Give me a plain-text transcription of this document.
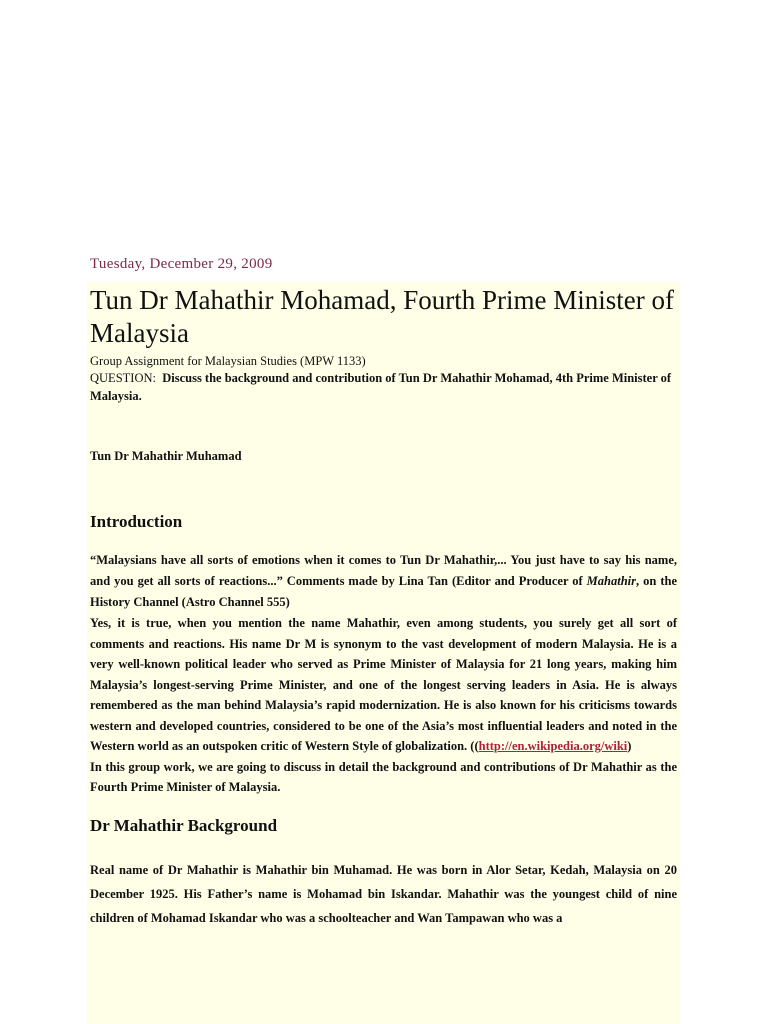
Tuesday, December 29, 2009
Tun Dr Mahathir Mohamad, Fourth Prime Minister of Malaysia
Group Assignment for Malaysian Studies (MPW 1133)
QUESTION: Discuss the background and contribution of Tun Dr Mahathir Mohamad, 4th Prime Minister of Malaysia.
Tun Dr Mahathir Muhamad
Introduction
“Malaysians have all sorts of emotions when it comes to Tun Dr Mahathir,... You just have to say his name, and you get all sorts of reactions...” Comments made by Lina Tan (Editor and Producer of Mahathir, on the History Channel (Astro Channel 555)
Yes, it is true, when you mention the name Mahathir, even among students, you surely get all sort of comments and reactions. His name Dr M is synonym to the vast development of modern Malaysia. He is a very well-known political leader who served as Prime Minister of Malaysia for 21 long years, making him Malaysia’s longest-serving Prime Minister, and one of the longest serving leaders in Asia. He is always remembered as the man behind Malaysia’s rapid modernization. He is also known for his criticisms towards western and developed countries, considered to be one of the Asia’s most influential leaders and noted in the Western world as an outspoken critic of Western Style of globalization. ((http://en.wikipedia.org/wiki)
In this group work, we are going to discuss in detail the background and contributions of Dr Mahathir as the Fourth Prime Minister of Malaysia.
Dr Mahathir Background
Real name of Dr Mahathir is Mahathir bin Muhamad. He was born in Alor Setar, Kedah, Malaysia on 20 December 1925. His Father’s name is Mohamad bin Iskandar. Mahathir was the youngest child of nine children of Mohamad Iskandar who was a schoolteacher and Wan Tampawan who was a
